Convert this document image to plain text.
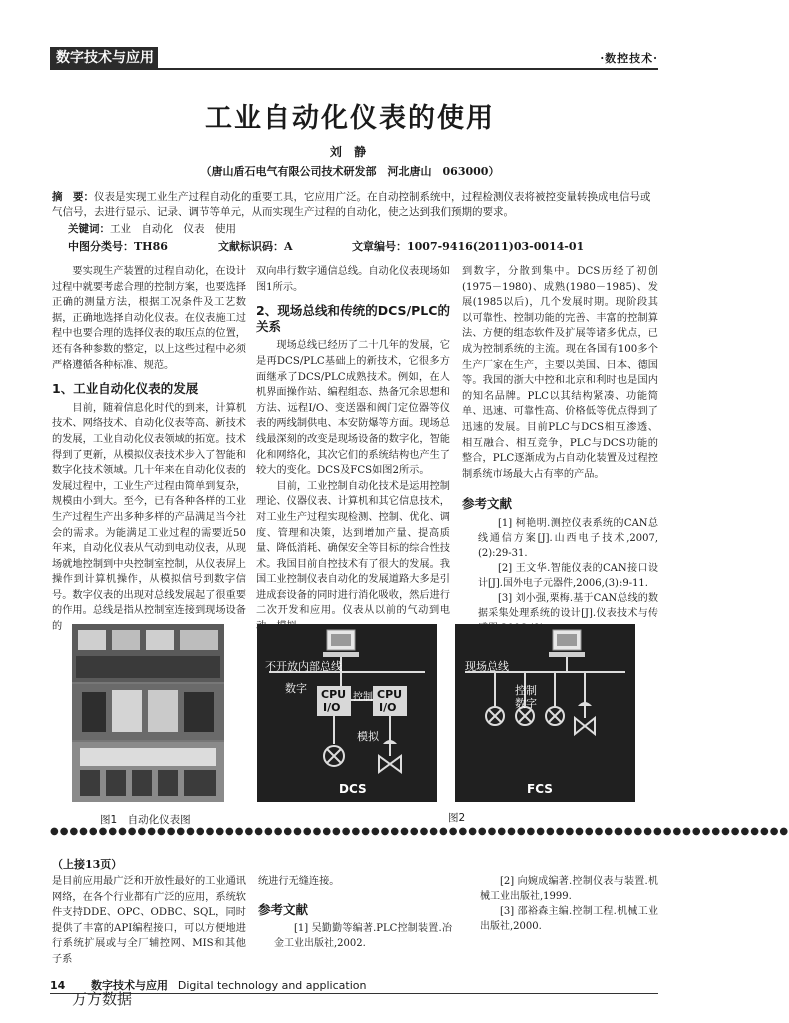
数字技术与应用	·数控技术·
工业自动化仪表的使用
刘 静
（唐山盾石电气有限公司技术研发部　河北唐山　063000）
摘　要：仪表是实现工业生产过程自动化的重要工具，它应用广泛。在自动控制系统中，过程检测仪表将被控变量转换成电信号或气信号，去进行显示、记录、调节等单元，从而实现生产过程的自动化，使之达到我们预期的要求。
关键词：工业　自动化　仪表　使用
中图分类号：TH86	文献标识码：A	文章编号：1007-9416(2011)03-0014-01

要实现生产装置的过程自动化，在设计过程中就要考虑合理的控制方案，也要选择正确的测量方法，根据工况条件及工艺数据，正确地选择自动化仪表。在仪表施工过程中也要合理的选择仪表的取压点的位置，还有各种参数的整定，以上这些过程中必须严格遵循各种标准、规范。

1、工业自动化仪表的发展

目前，随着信息化时代的到来，计算机技术、网络技术、自动化仪表等高、新技术的发展，工业自动化仪表领域的拓宽。技术得到了更新，从模拟仪表技术步入了智能和数字化技术领域。几十年来在自动化仪表的发展过程中，工业生产过程由简单到复杂，规模由小到大。至今，已有各种各样的工业生产过程生产出多种多样的产品满足当今社会的需求。为能满足工业过程的需要近50年来，自动化仪表从气动到电动仪表，从现场就地控制到中央控制室控制，从仪表屏上操作到计算机操作，从模拟信号到数字信号。数字仪表的出现对总线发展起了很重要的作用。总线是指从控制室连接到现场设备的

双向串行数字通信总线。自动化仪表现场如图1所示。

2、现场总线和传统的DCS/PLC的关系

现场总线已经历了二十几年的发展，它是再DCS/PLC基础上的新技术，它很多方面继承了DCS/PLC成熟技术。例如，在人机界面操作站、编程组态、热备冗余思想和方法、远程I/O、变送器和阀门定位器等仪表的两线制供电、本安防爆等方面。现场总线最深刻的改变是现场设备的数字化，智能化和网络化，其次它们的系统结构也产生了较大的变化。DCS及FCS如图2所示。

目前，工业控制自动化技术是运用控制理论、仪器仪表、计算机和其它信息技术，对工业生产过程实现检测、控制、优化、调度、管理和决策，达到增加产量、提高质量、降低消耗、确保安全等目标的综合性技术。我国目前自控技术有了很大的发展。我国工业控制仪表自动化的发展道路大多是引进成套设备的同时进行消化吸收，然后进行二次开发和应用。仪表从以前的气动到电

到数字，分散到集中。DCS历经了初创(1975－1980)、成熟(1980－1985)、发展(1985以后)，几个发展时期。现阶段其以可靠性、控制功能的完善、丰富的控制算法、方便的组态软件及扩展等诸多优点，已成为控制系统的主流。现在各国有100多个生产厂家在生产，主要以美国、日本、德国等。我国的浙大中控和北京和利时也是国内的知名品牌。PLC以其结构紧凑、功能简单、迅速、可靠性高、价格低等优点得到了迅速的发展。目前PLC与DCS相互渗透、相互融合、相互竞争，PLC与DCS功能的整合，PLC逐渐成为占自动化装置及过程控制系统市场最大占有率的产品。

参考文献

[1] 柯艳明.测控仪表系统的CAN总线通信方案[J].山西电子技术,2007,(2):29-31.

[2] 王文华.智能仪表的CAN接口设计[J].国外电子元器件,2006,(3):9-11.

[3] 刘小强,栗梅.基于CAN总线的数据采集处理系统的设计[J].仪表技术与传

图1　自动化仪表图
不开放内部总线
数字 CPU
I/O
控制 CPU
I/O
模拟
DCS
现场总线
控制
数字
FCS
图2
●●●●●●●●●●●●●●●●●●●●●●●●●●●●●●●●●●●●●●●●●●●●●●●●●●●●●●●●●●●●●●●●●●●●●●●●●●●●
（上接13页）

是目前应用最广泛和开放性最好的工业通讯网络，在各个行业都有广泛的应用，系统软件支持DDE、OPC、ODBC、SQL，同时提供了丰富的API编程接口，可以方便地进行系统扩展或与全厂辅控网、MIS和其他子系

统进行无缝连接。

参考文献

[1] 吴勤勤等编著.PLC控制装置.冶金工业出版社,2002.

[2] 向婉成编著.控制仪表与装置.机械工业出版社,1999.

[3] 邵裕森主编.控制工程.机械工业出版社,2000.

14 数字技术与应用 Digital technology and application
万方数据
